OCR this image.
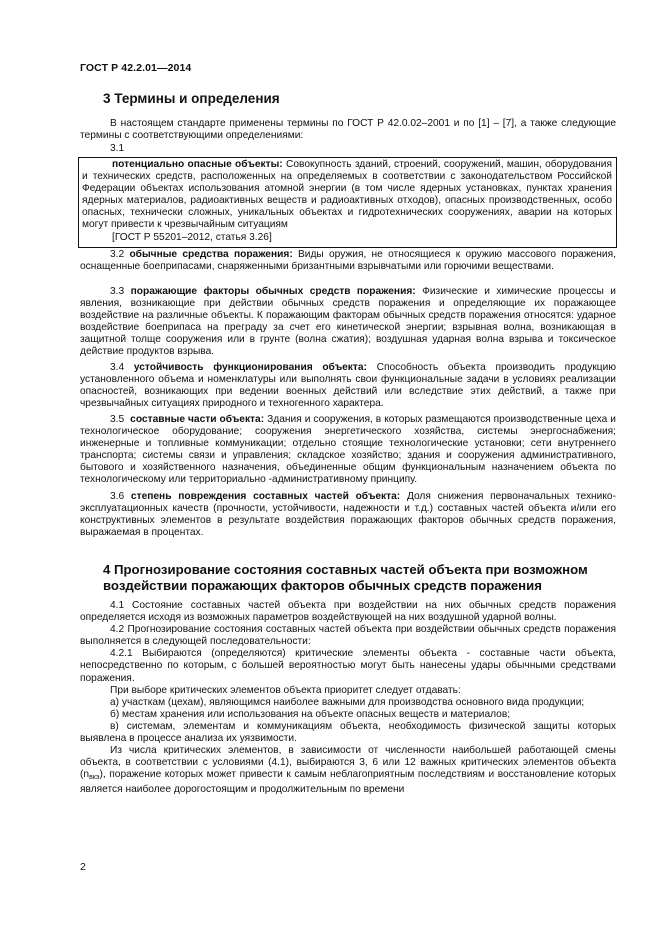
ГОСТ Р 42.2.01—2014
3 Термины и определения
В настоящем стандарте применены термины по ГОСТ Р 42.0.02–2001 и по [1] – [7], а также следующие термины с соответствующими определениями:
3.1

потенциально опасные объекты: Совокупность зданий, строений, сооружений, машин, оборудования и технических средств, расположенных на определяемых в соответствии с законодательством Российской Федерации объектах использования атомной энергии (в том числе ядерных установках, пунктах хранения ядерных материалов, радиоактивных веществ и радиоактивных отходов), опасных производственных, особо опасных, технически сложных, уникальных объектах и гидротехнических сооружениях, аварии на которых могут привести к чрезвычайным ситуациям

[ГОСТ Р 55201–2012, статья 3.26]

3.2 обычные средства поражения: Виды оружия, не относящиеся к оружию массового поражения, оснащенные боеприпасами, снаряженными бризантными взрывчатыми или горючими веществами.
3.3 поражающие факторы обычных средств поражения: Физические и химические процессы и явления, возникающие при действии обычных средств поражения и определяющие их поражающее воздействие на различные объекты. К поражающим факторам обычных средств поражения относятся: ударное воздействие боеприпаса на преграду за счет его кинетической энергии; взрывная волна, возникающая в защитной толще сооружения или в грунте (волна сжатия); воздушная ударная волна взрыва и токсическое действие продуктов взрыва.
3.4 устойчивость функционирования объекта: Способность объекта производить продукцию установленного объема и номенклатуры или выполнять свои функциональные задачи в условиях реализации опасностей, возникающих при ведении военных действий или вследствие этих действий, а также при чрезвычайных ситуациях природного и техногенного характера.
3.5 составные части объекта: Здания и сооружения, в которых размещаются производственные цеха и технологическое оборудование; сооружения энергетического хозяйства, системы энергоснабжения; инженерные и топливные коммуникации; отдельно стоящие технологические установки; сети внутреннего транспорта; системы связи и управления; складское хозяйство; здания и сооружения административного, бытового и хозяйственного назначения, объединенные общим функциональным назначением объекта по технологическому или территориально -административному принципу.
3.6 степень повреждения составных частей объекта: Доля снижения первоначальных технико-эксплуатационных качеств (прочности, устойчивости, надежности и т.д.) составных частей объекта и/или его конструктивных элементов в результате воздействия поражающих факторов обычных средств поражения, выражаемая в процентах.
4 Прогнозирование состояния составных частей объекта при возможном воздействии поражающих факторов обычных средств поражения

4.1 Состояние составных частей объекта при воздействии на них обычных средств поражения определяется исходя из возможных параметров воздействующей на них воздушной ударной волны.

4.2 Прогнозирование состояния составных частей объекта при воздействии обычных средств поражения выполняется в следующей последовательности:

4.2.1 Выбираются (определяются) критические элементы объекта - составные части объекта, непосредственно по которым, с большей вероятностью могут быть нанесены удары обычными средствами поражения.

При выборе критических элементов объекта приоритет следует отдавать:

а) участкам (цехам), являющимся наиболее важными для производства основного вида продукции;

б) местам хранения или использования на объекте опасных веществ и материалов;

в) системам, элементам и коммуникациям объекта, необходимость физической защиты которых выявлена в процессе анализа их уязвимости.

Из числа критических элементов, в зависимости от численности наибольшей работающей смены объекта, в соответствии с условиями (4.1), выбираются 3, 6 или 12 важных критических элементов объекта $(n_{вкэ})$, поражение которых может привести к самым неблагоприятным последствиям и восстановление которых является наиболее дорогостоящим и продолжительным по времени

2
